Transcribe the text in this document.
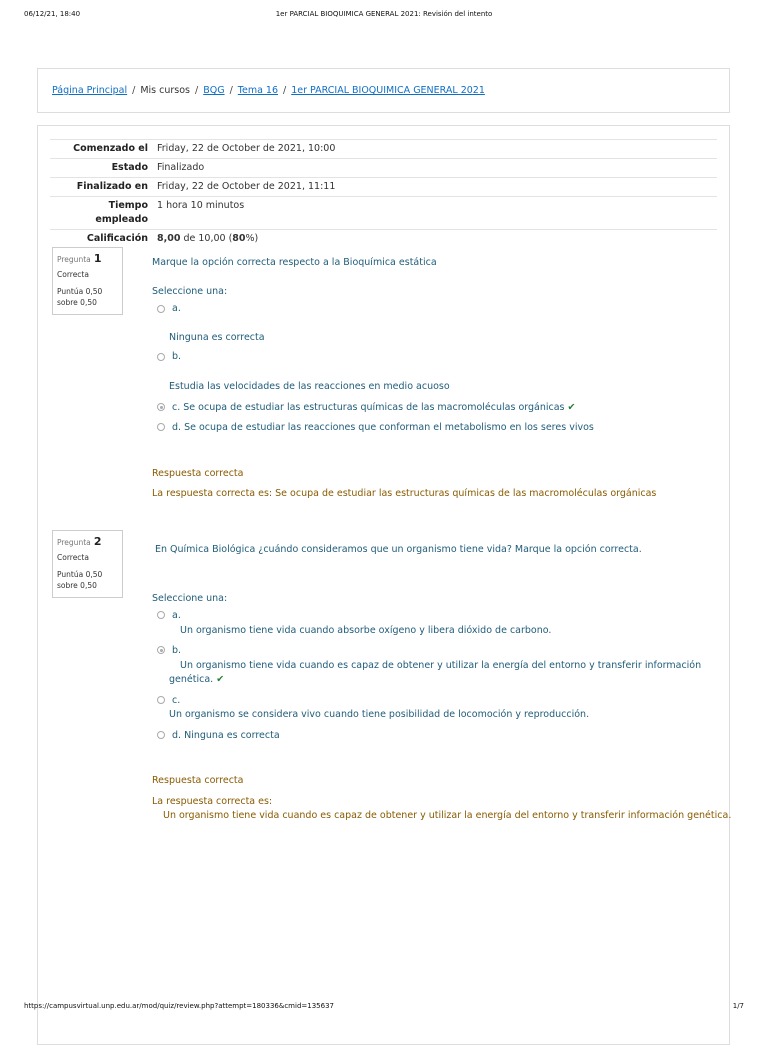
06/12/21, 18:40	1er PARCIAL BIOQUIMICA GENERAL 2021: Revisión del intento
Página Principal / Mis cursos / BQG / Tema 16 / 1er PARCIAL BIOQUIMICA GENERAL 2021
Comenzado el	Friday, 22 de October de 2021, 10:00
Estado	Finalizado
Finalizado en	Friday, 22 de October de 2021, 11:11
Tiempo
empleado	1 hora 10 minutos
Calificación	8,00 de 10,00 (80%)
Pregunta 1
Correcta
Puntúa 0,50
sobre 0,50
Marque la opción correcta respecto a la Bioquímica estática
Seleccione una:
a.
Ninguna es correcta
b.
Estudia las velocidades de las reacciones en medio acuoso
c. Se ocupa de estudiar las estructuras químicas de las macromoléculas orgánicas ✔
d. Se ocupa de estudiar las reacciones que conforman el metabolismo en los seres vivos
Respuesta correcta
La respuesta correcta es: Se ocupa de estudiar las estructuras químicas de las macromoléculas orgánicas
Pregunta 2
Correcta
Puntúa 0,50
sobre 0,50
En Química Biológica ¿cuándo consideramos que un organismo tiene vida? Marque la opción correcta.
Seleccione una:
a.
Un organismo tiene vida cuando absorbe oxígeno y libera dióxido de carbono.
b.
Un organismo tiene vida cuando es capaz de obtener y utilizar la energía del entorno y transferir información
genética. ✔
c.
Un organismo se considera vivo cuando tiene posibilidad de locomoción y reproducción.
d. Ninguna es correcta
Respuesta correcta
La respuesta correcta es:
Un organismo tiene vida cuando es capaz de obtener y utilizar la energía del entorno y transferir información genética.
https://campusvirtual.unp.edu.ar/mod/quiz/review.php?attempt=180336&cmid=135637	1/7
